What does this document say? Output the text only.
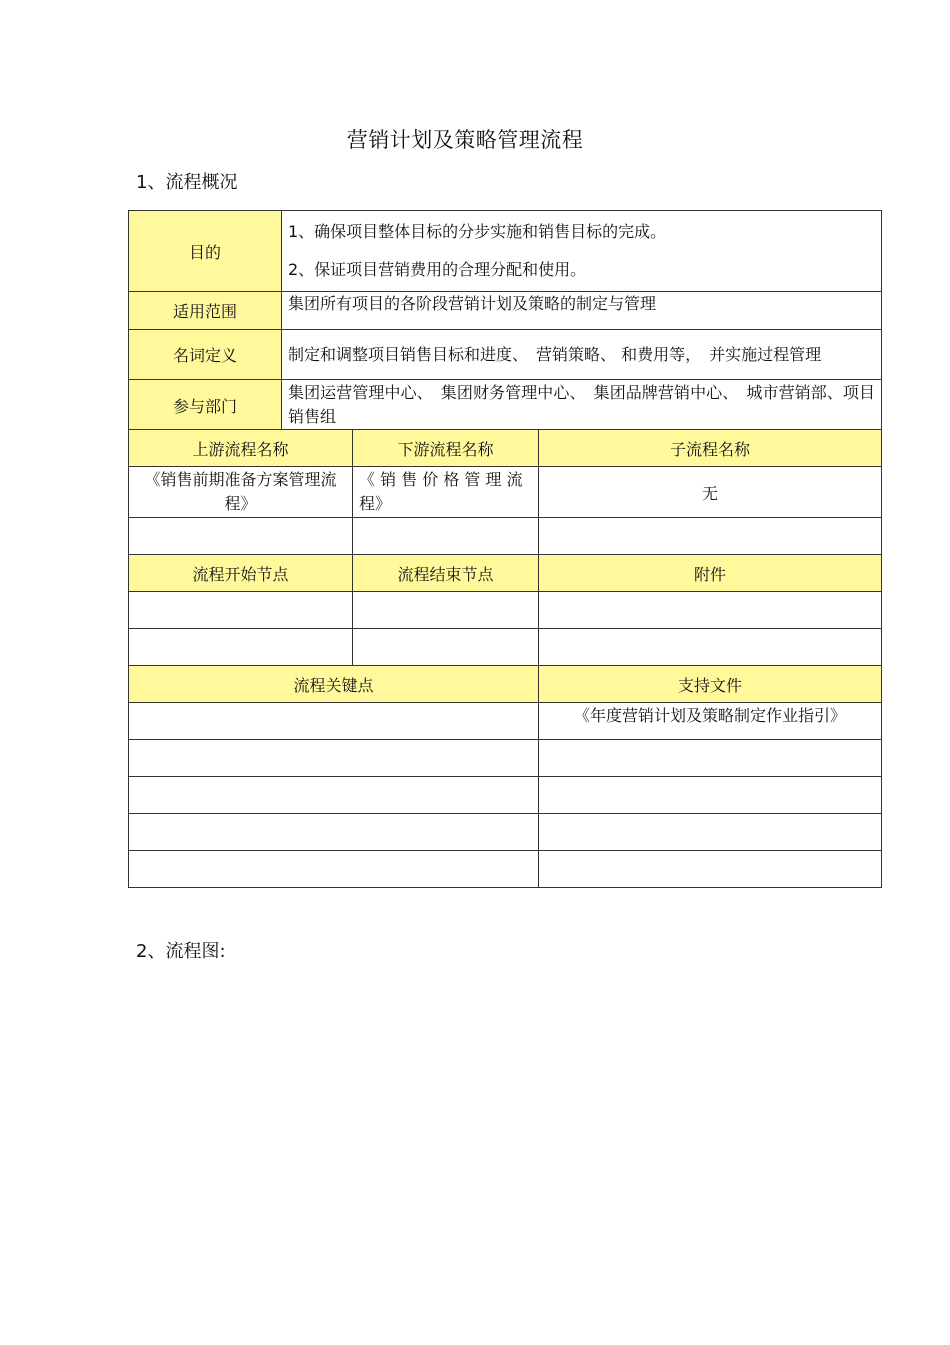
营销计划及策略管理流程
1、流程概况
目的	1、确保项目整体目标的分步实施和销售目标的完成。
2、保证项目营销费用的合理分配和使用。

适用范围	集团所有项目的各阶段营销计划及策略的制定与管理
名词定义	制定和调整项目销售目标和进度、　营销策略、 和费用等，　并实施过程管理
参与部门	集团运营管理中心、　集团财务管理中心、　集团品牌营销中心、　城市营销部、项目销售组
上游流程名称	下游流程名称	子流程名称
《销售前期准备方案管理流程》	《 销 售 价 格 管 理 流 程》	无

流程开始节点	流程结束节点	附件

流程关键点		支持文件
		《年度营销计划及策略制定作业指引》

2、流程图:
